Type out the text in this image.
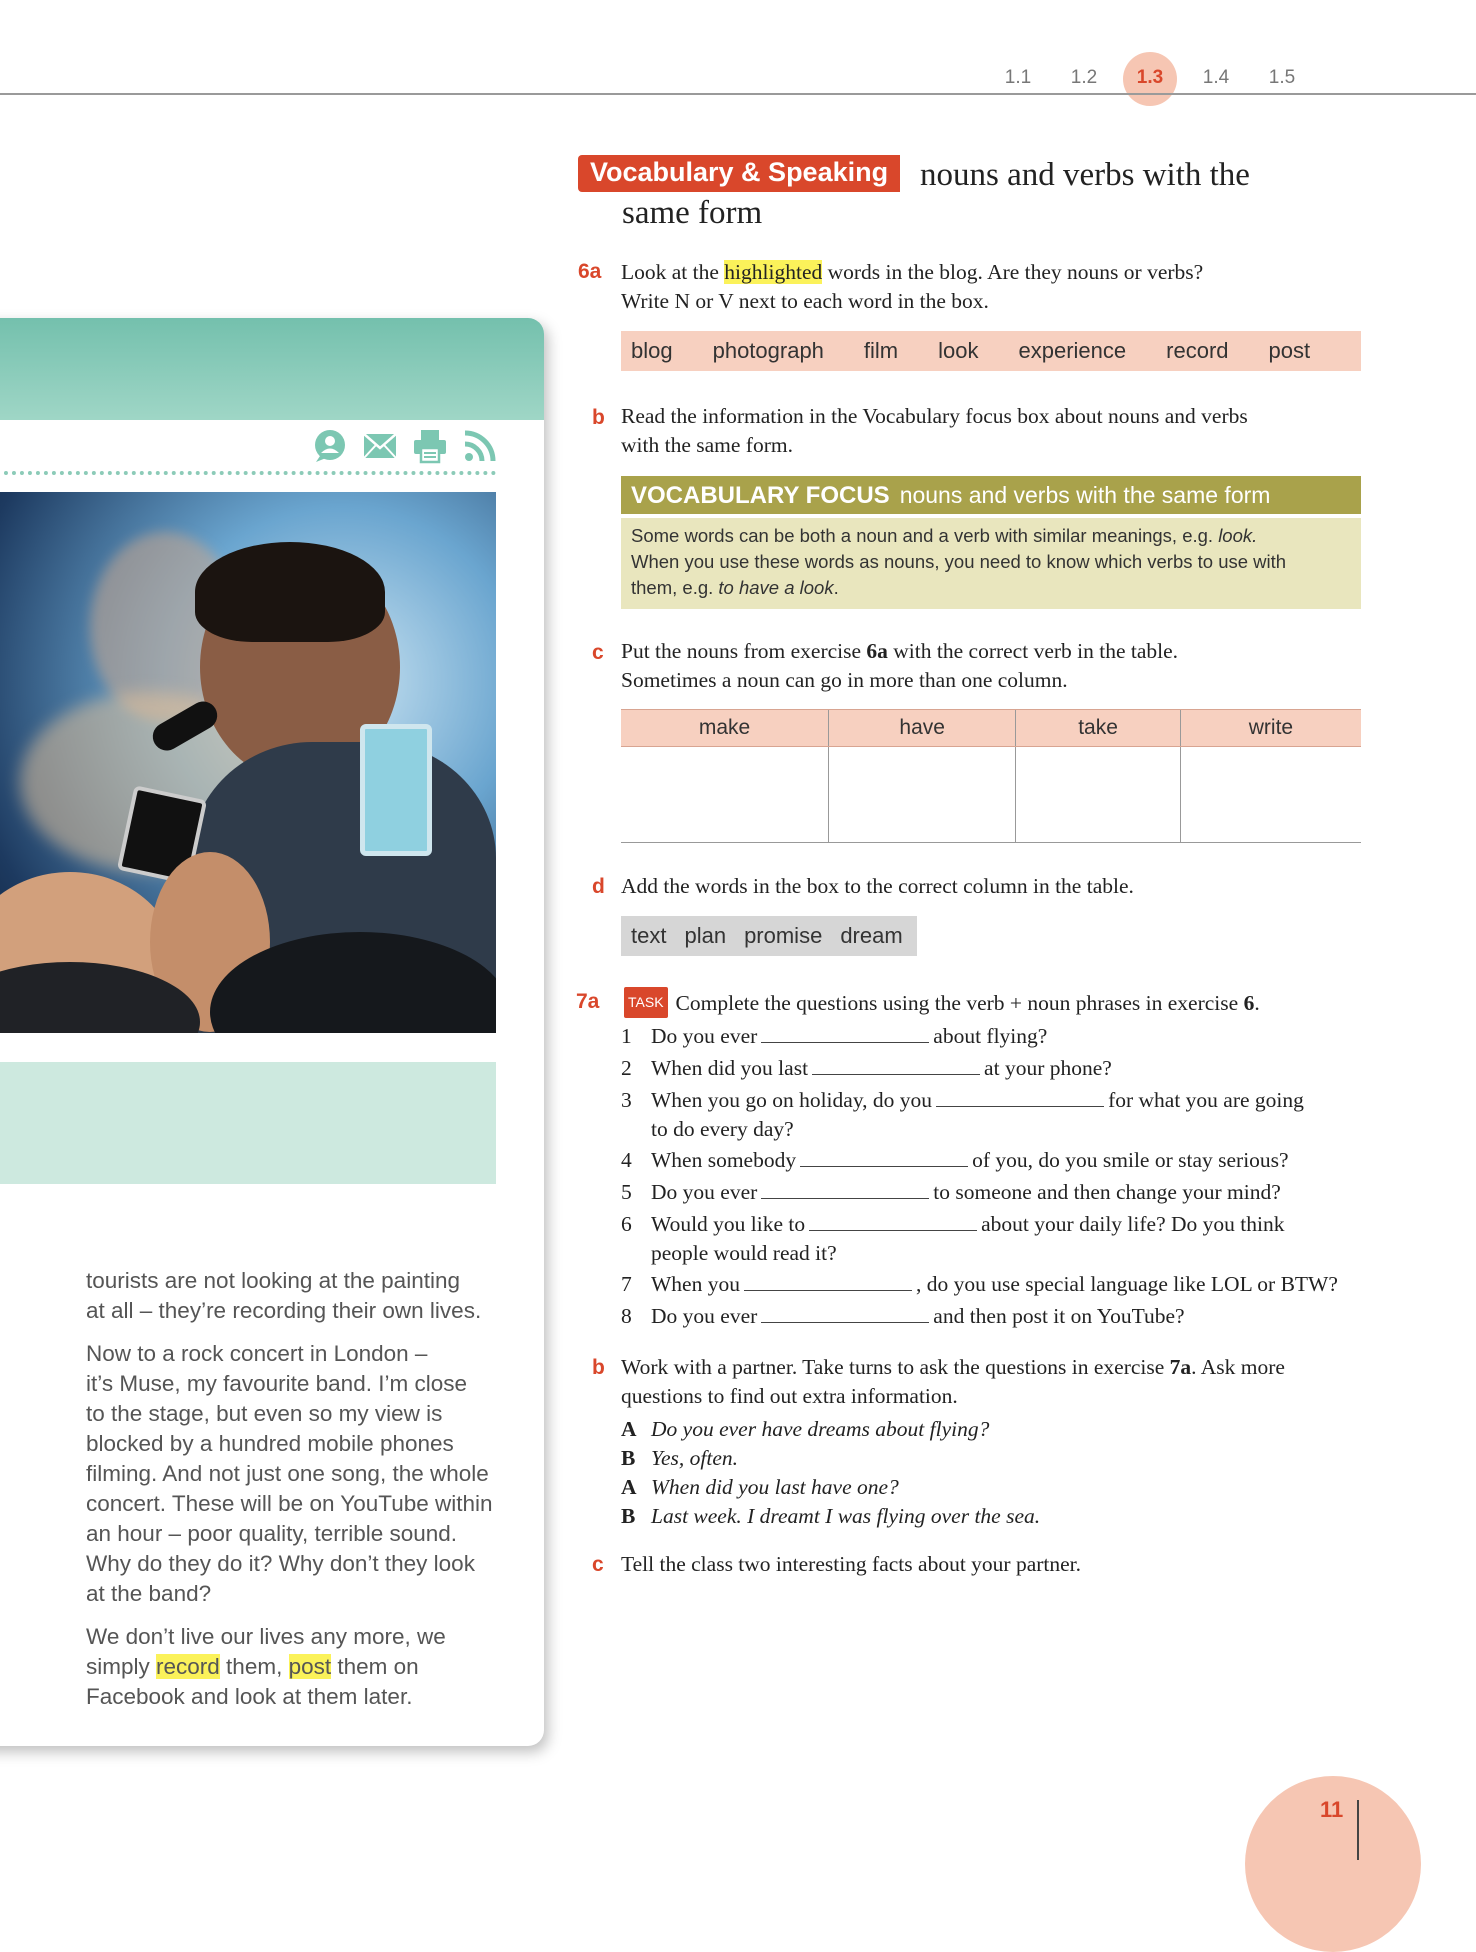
1.1	1.2	1.3	1.4	1.5

tourists are not looking at the painting
at all – they’re recording their own lives.

Now to a rock concert in London –
it’s Muse, my favourite band. I’m close
to the stage, but even so my view is
blocked by a hundred mobile phones
filming. And not just one song, the whole
concert. These will be on YouTube within
an hour – poor quality, terrible sound.
Why do they do it? Why don’t they look
at the band?

We don’t live our lives any more, we
simply record them, post them on
Facebook and look at them later.

Vocabulary & Speaking nouns and verbs with the
same form
6a Look at the highlighted words in the blog. Are they nouns or verbs?
Write N or V next to each word in the box.
blog photograph film look experience record post
b Read the information in the Vocabulary focus box about nouns and verbs
with the same form.
VOCABULARY FOCUS nouns and verbs with the same form
Some words can be both a noun and a verb with similar meanings, e.g. look.
When you use these words as nouns, you need to know which verbs to use with
them, e.g. to have a look.
c Put the nouns from exercise 6a with the correct verb in the table.
Sometimes a noun can go in more than one column.
make	have	take	write

d Add the words in the box to the correct column in the table.
text plan promise dream
7a TASK Complete the questions using the verb + noun phrases in exercise 6.
1 Do you ever	about flying?
2 When did you last	at your phone?
3 When you go on holiday, do you	for what you are going
to do every day?
4 When somebody	of you, do you smile or stay serious?
5 Do you ever	to someone and then change your mind?
6 Would you like to	about your daily life? Do you think
people would read it?
7 When you	, do you use special language like LOL or BTW?
8 Do you ever	and then post it on YouTube?
b Work with a partner. Take turns to ask the questions in exercise 7a. Ask more
questions to find out extra information.
A Do you ever have dreams about flying?
B Yes, often.
A When did you last have one?
B Last week. I dreamt I was flying over the sea.
c Tell the class two interesting facts about your partner.
11
